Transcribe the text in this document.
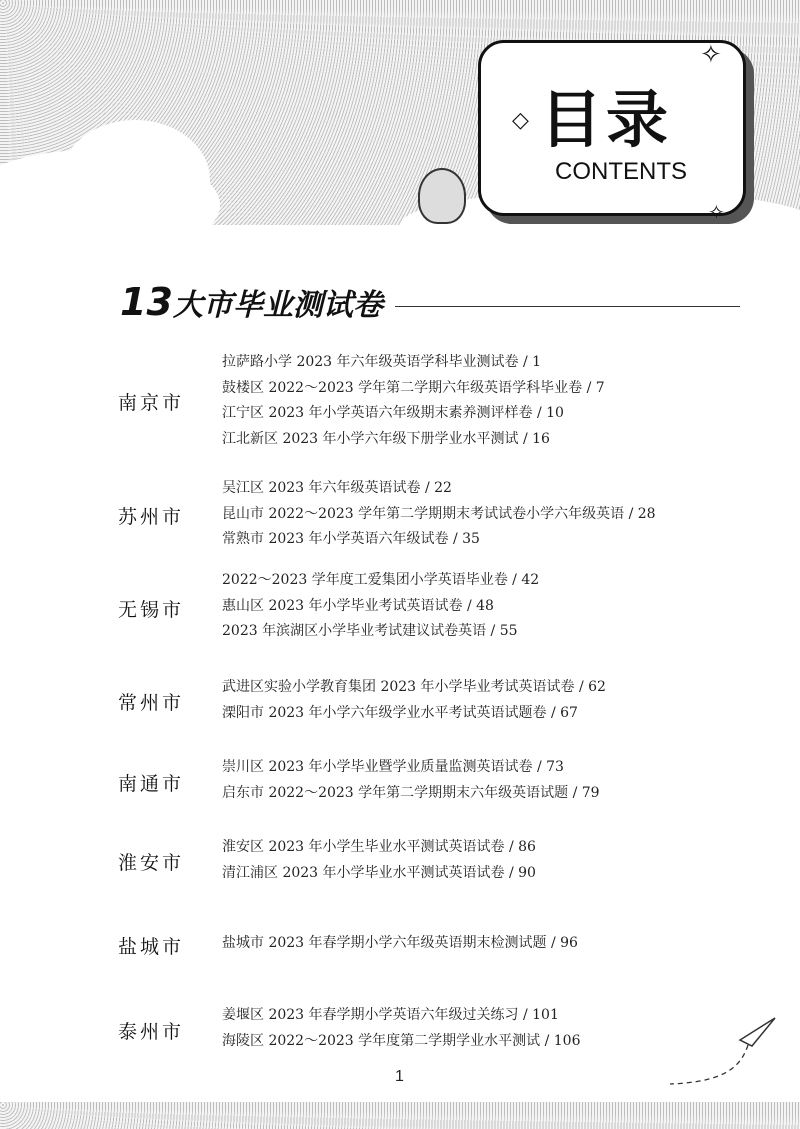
✧
◇
✧
目录
CONTENTS
13大市毕业测试卷
南京市
拉萨路小学 2023 年六年级英语学科毕业测试卷 / 1
鼓楼区 2022～2023 学年第二学期六年级英语学科毕业卷 / 7
江宁区 2023 年小学英语六年级期末素养测评样卷 / 10
江北新区 2023 年小学六年级下册学业水平测试 / 16
苏州市
吴江区 2023 年六年级英语试卷 / 22
昆山市 2022～2023 学年第二学期期末考试试卷小学六年级英语 / 28
常熟市 2023 年小学英语六年级试卷 / 35
无锡市
2022～2023 学年度工爱集团小学英语毕业卷 / 42
惠山区 2023 年小学毕业考试英语试卷 / 48
2023 年滨湖区小学毕业考试建议试卷英语 / 55
常州市
武进区实验小学教育集团 2023 年小学毕业考试英语试卷 / 62
溧阳市 2023 年小学六年级学业水平考试英语试题卷 / 67
南通市
崇川区 2023 年小学毕业暨学业质量监测英语试卷 / 73
启东市 2022～2023 学年第二学期期末六年级英语试题 / 79
淮安市
淮安区 2023 年小学生毕业水平测试英语试卷 / 86
清江浦区 2023 年小学毕业水平测试英语试卷 / 90
盐城市	盐城市 2023 年春学期小学六年级英语期末检测试题 / 96
泰州市
姜堰区 2023 年春学期小学英语六年级过关练习 / 101
海陵区 2022～2023 学年度第二学期学业水平测试 / 106
1
